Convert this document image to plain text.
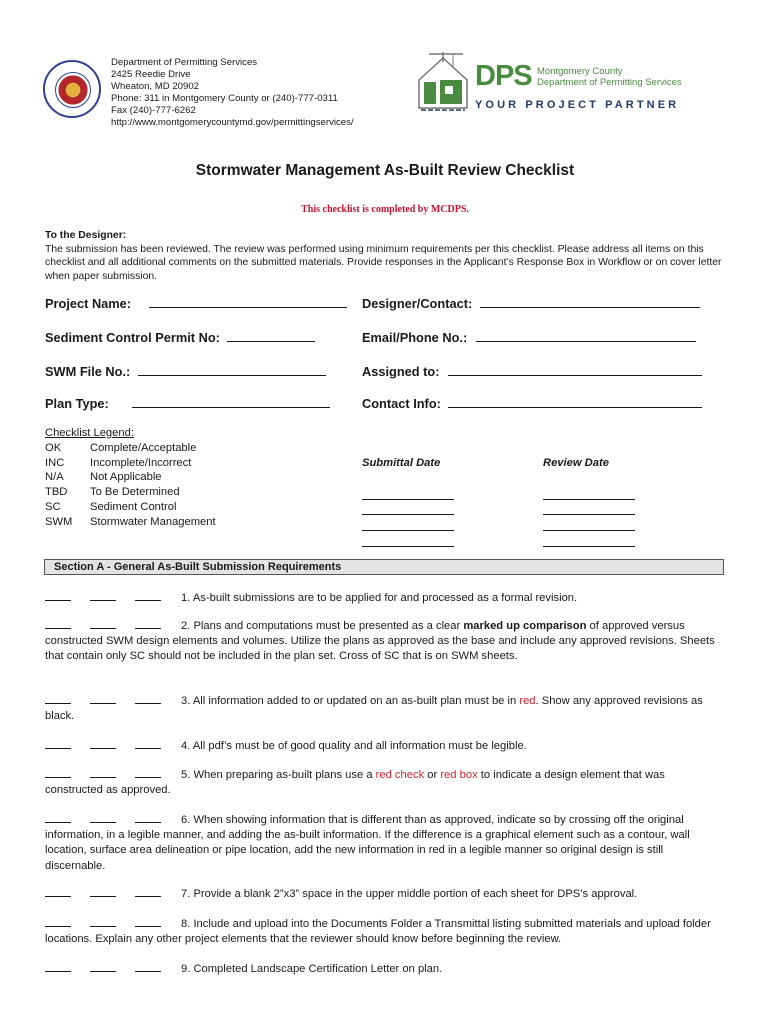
Department of Permitting Services
2425 Reedie Drive
Wheaton, MD 20902
Phone: 311 in Montgomery County or (240)-777-0311
Fax (240)-777-6262
http://www.montgomerycountymd.gov/permittingservices/
DPS Montgomery County
Department of Permitting Services
YOUR PROJECT PARTNER
Stormwater Management As-Built Review Checklist
This checklist is completed by MCDPS.
To the Designer:
The submission has been reviewed. The review was performed using minimum requirements per this checklist. Please address all items on this checklist and all additional comments on the submitted materials. Provide responses in the Applicant’s Response Box in Workflow or on cover letter when paper submission.
Project Name:	Designer/Contact:
Sediment Control Permit No:	Email/Phone No.:
SWM File No.:	Assigned to:
Plan Type:	Contact Info:
Checklist Legend:
OK	Complete/Acceptable
INC	Incomplete/Incorrect
N/A	Not Applicable
TBD	To Be Determined
SC	Sediment Control
SWM	Stormwater Management
Submittal Date	Review Date
Section A - General As-Built Submission Requirements
1. As-built submissions are to be applied for and processed as a formal revision.
2. Plans and computations must be presented as a clear marked up comparison of approved versus constructed SWM design elements and volumes. Utilize the plans as approved as the base and include any approved revisions. Sheets that contain only SC should not be included in the plan set. Cross of SC that is on SWM sheets.
3. All information added to or updated on an as-built plan must be in red. Show any approved revisions as black.
4. All pdf’s must be of good quality and all information must be legible.
5. When preparing as-built plans use a red check or red box to indicate a design element that was constructed as approved.
6. When showing information that is different than as approved, indicate so by crossing off the original information, in a legible manner, and adding the as-built information. If the difference is a graphical element such as a contour, wall location, surface area delineation or pipe location, add the new information in red in a legible manner so original design is still discernable.
7. Provide a blank 2”x3” space in the upper middle portion of each sheet for DPS’s approval.
8. Include and upload into the Documents Folder a Transmittal listing submitted materials and upload folder locations. Explain any other project elements that the reviewer should know before beginning the review.
9. Completed Landscape Certification Letter on plan.
